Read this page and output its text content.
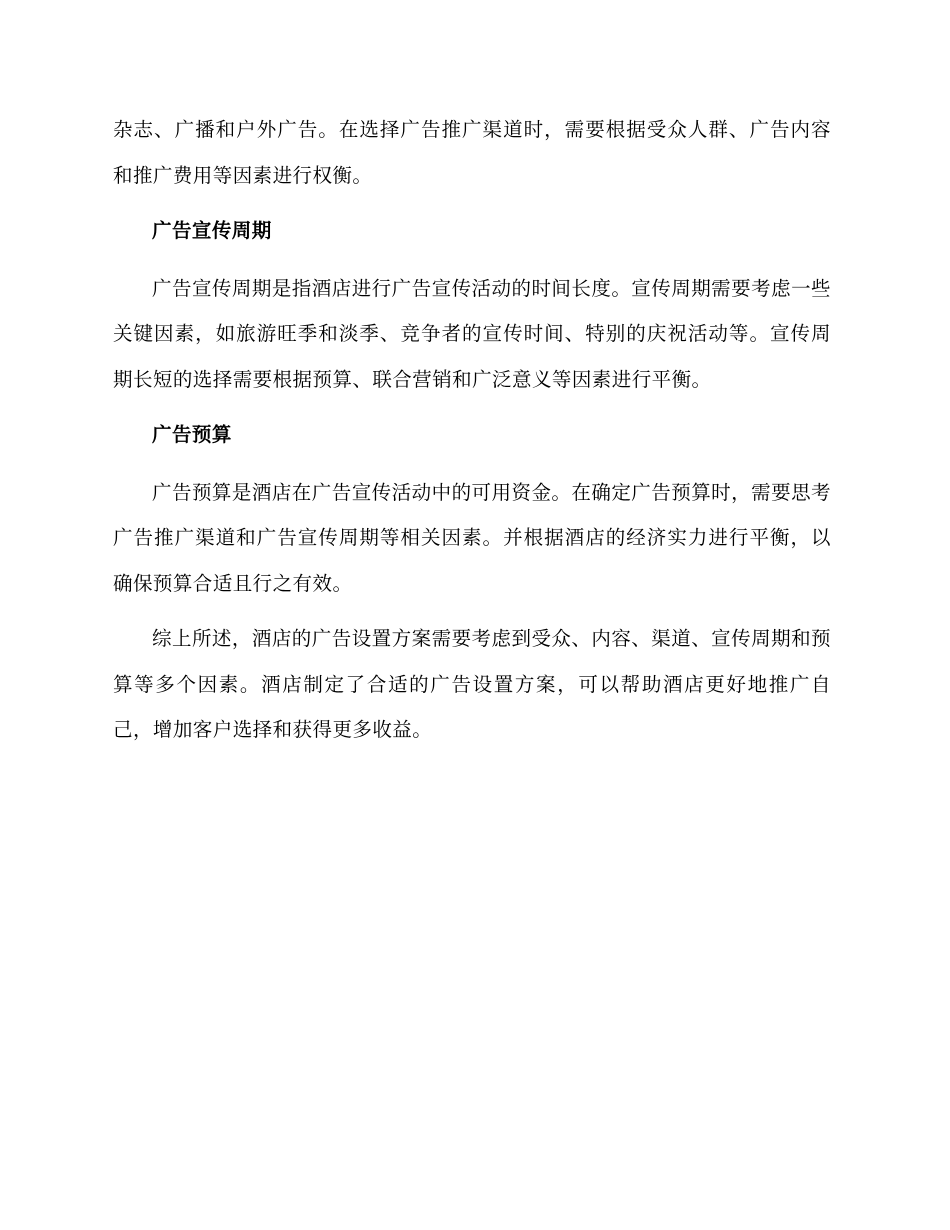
杂志、广播和户外广告。在选择广告推广渠道时，需要根据受众人群、广告内容和推广费用等因素进行权衡。

广告宣传周期

广告宣传周期是指酒店进行广告宣传活动的时间长度。宣传周期需要考虑一些关键因素，如旅游旺季和淡季、竞争者的宣传时间、特别的庆祝活动等。宣传周期长短的选择需要根据预算、联合营销和广泛意义等因素进行平衡。

广告预算

广告预算是酒店在广告宣传活动中的可用资金。在确定广告预算时，需要思考广告推广渠道和广告宣传周期等相关因素。并根据酒店的经济实力进行平衡，以确保预算合适且行之有效。

综上所述，酒店的广告设置方案需要考虑到受众、内容、渠道、宣传周期和预算等多个因素。酒店制定了合适的广告设置方案，可以帮助酒店更好地推广自己，增加客户选择和获得更多收益。
